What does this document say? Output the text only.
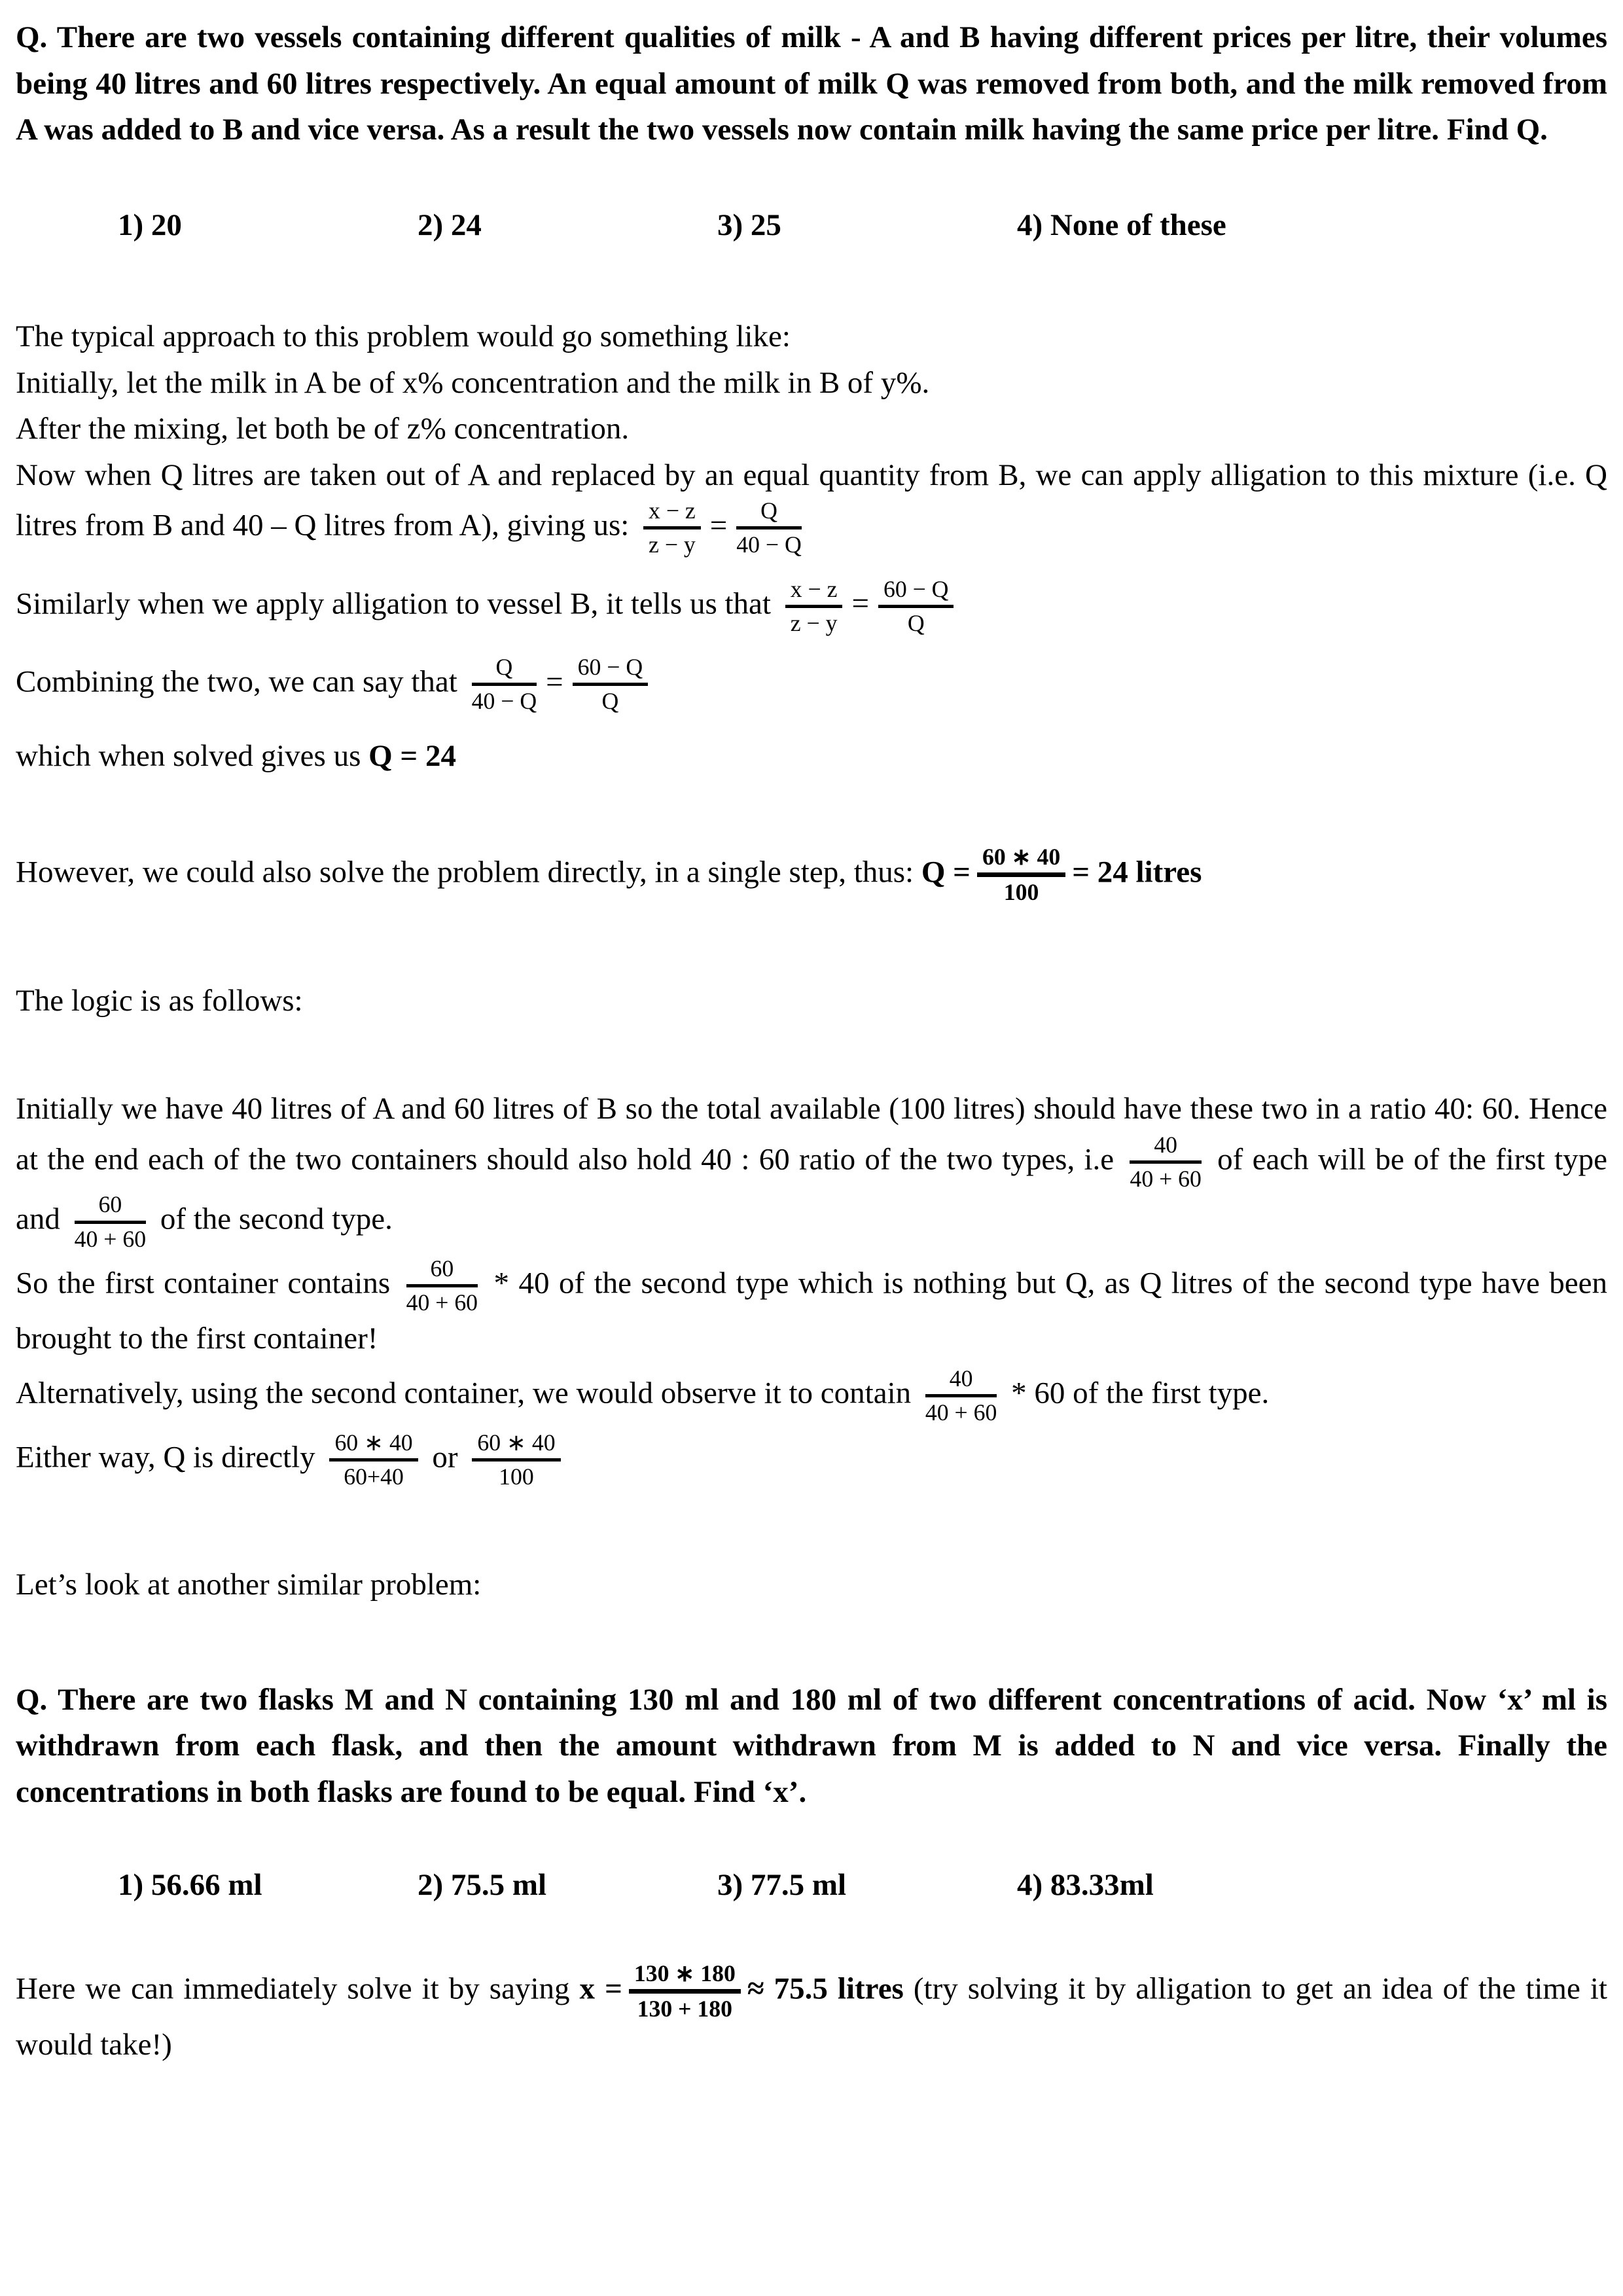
Q. There are two vessels containing different qualities of milk - A and B having different prices per litre, their volumes being 40 litres and 60 litres respectively. An equal amount of milk Q was removed from both, and the milk removed from A was added to B and vice versa. As a result the two vessels now contain milk having the same price per litre. Find Q.

1) 20	2) 24	3) 25	4) None of these

The typical approach to this problem would go something like:

Initially, let the milk in A be of x% concentration and the milk in B of y%.

After the mixing, let both be of z% concentration.

Now when Q litres are taken out of A and replaced by an equal quantity from B, we can apply alligation to this mixture (i.e. Q litres from B and 40 – Q litres from A), giving us: $\frac{x - z}{z - y} = \frac{Q}{40 - Q}$

Similarly when we apply alligation to vessel B, it tells us that $\frac{x - z}{z - y} = \frac{60 - Q}{Q}$

Combining the two, we can say that $\frac{Q}{40 - Q} = \frac{60 - Q}{Q}$

which when solved gives us Q = 24

However, we could also solve the problem directly, in a single step, thus: $Q = \frac{60 ∗ 40}{100} = 24$ litres

The logic is as follows:

Initially we have 40 litres of A and 60 litres of B so the total available (100 litres) should have these two in a ratio 40: 60. Hence at the end each of the two containers should also hold 40 : 60 ratio of the two types, $i.e \frac{40}{40 + 60}$ of each will be of the first type and $\frac{60}{40 + 60}$ of the second type.

So the first container contains $\frac{60}{40 + 60} * 40$ of the second type which is nothing but Q, as Q litres of the second type have been brought to the first container!

Alternatively, using the second container, we would observe it to contain $\frac{40}{40 + 60} * 60$ of the first type.

Either way, Q is directly $\frac{60 ∗ 40}{60+40}$ or $\frac{60 ∗ 40}{100}$

Let’s look at another similar problem:

Q. There are two flasks M and N containing 130 ml and 180 ml of two different concentrations of acid. Now ‘x’ ml is withdrawn from each flask, and then the amount withdrawn from M is added to N and vice versa. Finally the concentrations in both flasks are found to be equal. Find ‘x’.

1) 56.66 ml	2) 75.5 ml	3) 77.5 ml	4) 83.33ml

Here we can immediately solve it by saying $x = \frac{130 ∗ 180}{130 + 180} \approx 75.5$ litres (try solving it by alligation to get an idea of the time it would take!)
